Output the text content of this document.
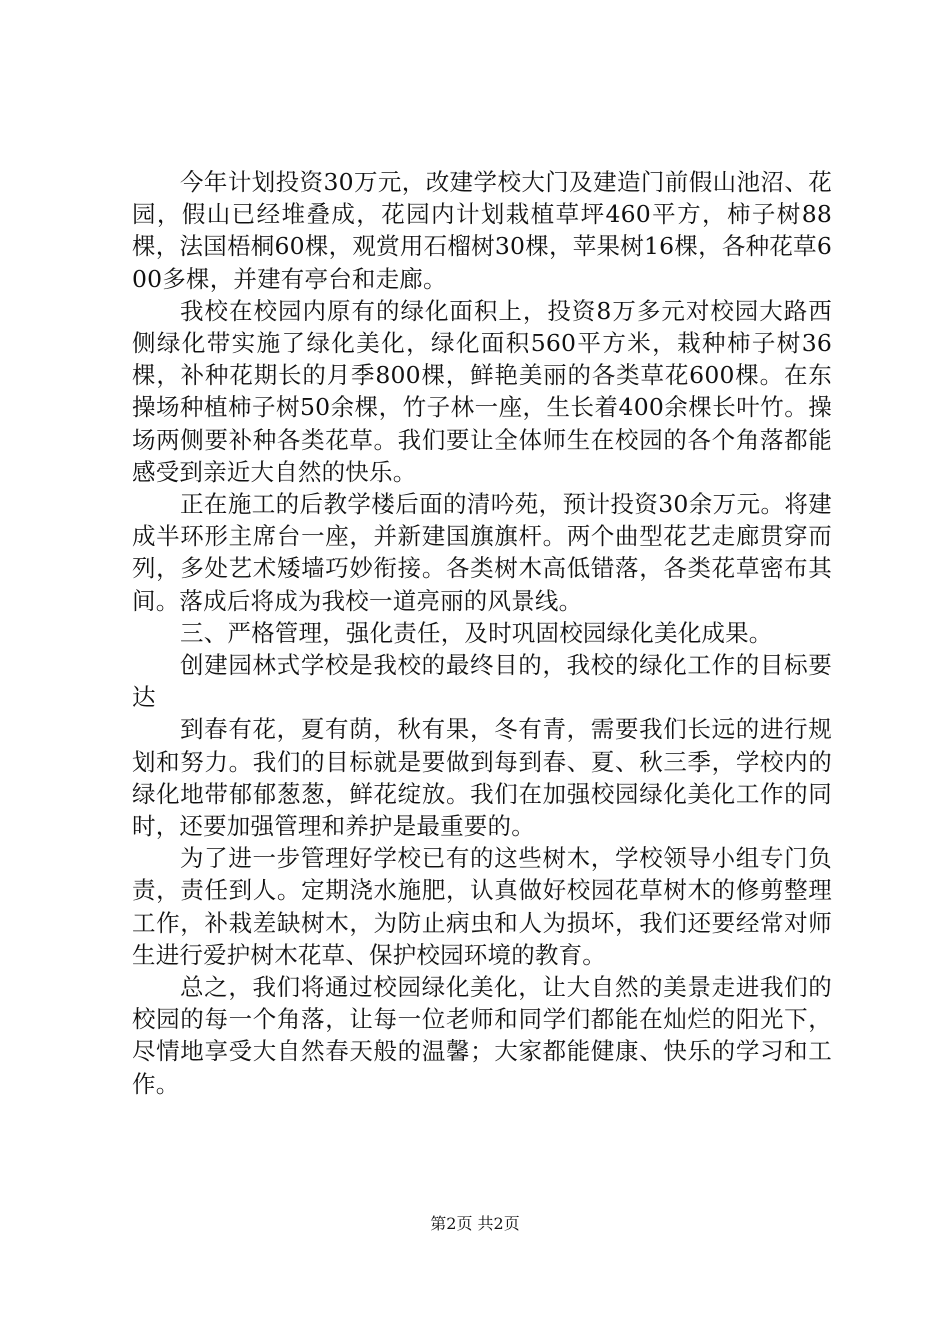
今年计划投资30万元，改建学校大门及建造门前假山池沼、花园，假山已经堆叠成，花园内计划栽植草坪460平方，柿子树88棵，法国梧桐60棵，观赏用石榴树30棵，苹果树16棵，各种花草600多棵，并建有亭台和走廊。

我校在校园内原有的绿化面积上，投资8万多元对校园大路西侧绿化带实施了绿化美化，绿化面积560平方米，栽种柿子树36棵，补种花期长的月季800棵，鲜艳美丽的各类草花600棵。在东操场种植柿子树50余棵，竹子林一座，生长着400余棵长叶竹。操场两侧要补种各类花草。我们要让全体师生在校园的各个角落都能感受到亲近大自然的快乐。

正在施工的后教学楼后面的清吟苑，预计投资30余万元。将建成半环形主席台一座，并新建国旗旗杆。两个曲型花艺走廊贯穿而列，多处艺术矮墙巧妙衔接。各类树木高低错落，各类花草密布其间。落成后将成为我校一道亮丽的风景线。

三、严格管理，强化责任，及时巩固校园绿化美化成果。

创建园林式学校是我校的最终目的，我校的绿化工作的目标要达

到春有花，夏有荫，秋有果，冬有青，需要我们长远的进行规划和努力。我们的目标就是要做到每到春、夏、秋三季，学校内的绿化地带郁郁葱葱，鲜花绽放。我们在加强校园绿化美化工作的同时，还要加强管理和养护是最重要的。

为了进一步管理好学校已有的这些树木，学校领导小组专门负责，责任到人。定期浇水施肥，认真做好校园花草树木的修剪整理工作，补栽差缺树木，为防止病虫和人为损坏，我们还要经常对师生进行爱护树木花草、保护校园环境的教育。

总之，我们将通过校园绿化美化，让大自然的美景走进我们的校园的每一个角落，让每一位老师和同学们都能在灿烂的阳光下，尽情地享受大自然春天般的温馨；大家都能健康、快乐的学习和工作。

第2页 共2页
